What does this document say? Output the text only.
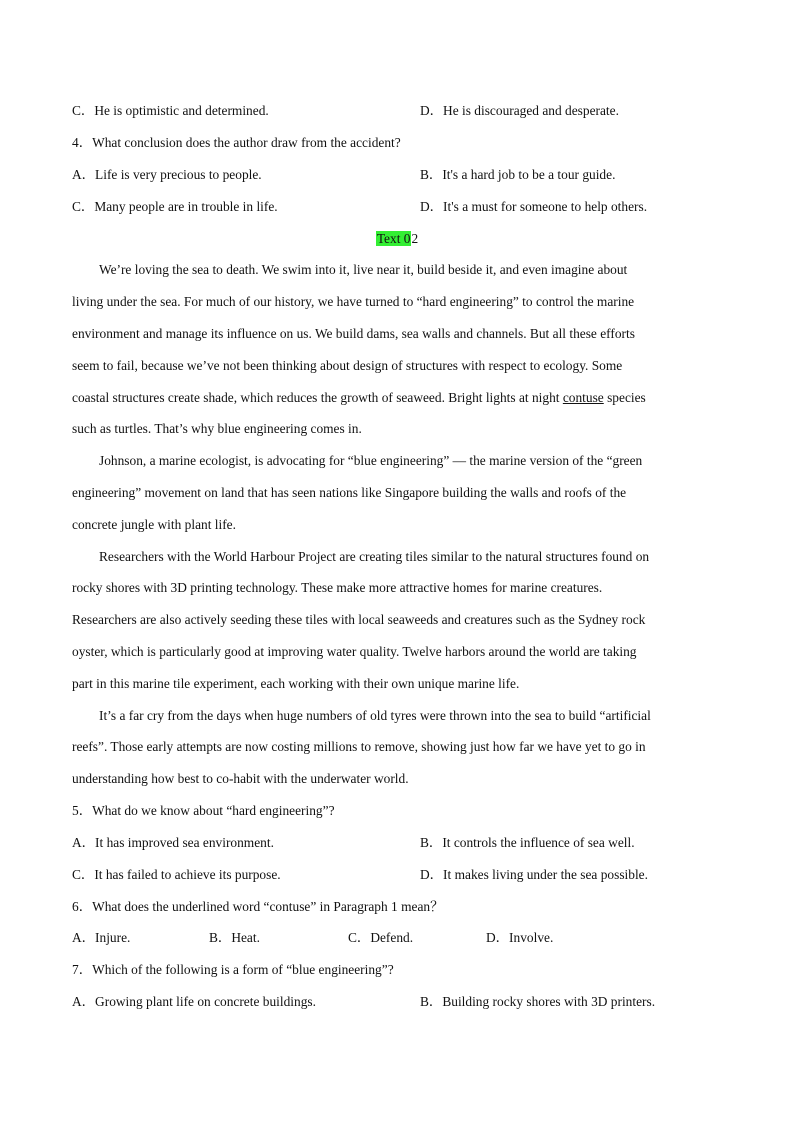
C．He is optimistic and determined.	D．He is discouraged and desperate.
4．What conclusion does the author draw from the accident?
A．Life is very precious to people.	B．It's a hard job to be a tour guide.
C．Many people are in trouble in life.	D．It's a must for someone to help others.
Text 02
We’re loving the sea to death. We swim into it, live near it, build beside it, and even imagine about
living under the sea. For much of our history, we have turned to “hard engineering” to control the marine
environment and manage its influence on us. We build dams, sea walls and channels. But all these efforts
seem to fail, because we’ve not been thinking about design of structures with respect to ecology. Some
coastal structures create shade, which reduces the growth of seaweed. Bright lights at night contuse species
such as turtles. That’s why blue engineering comes in.
Johnson, a marine ecologist, is advocating for “blue engineering” — the marine version of the “green
engineering” movement on land that has seen nations like Singapore building the walls and roofs of the
concrete jungle with plant life.
Researchers with the World Harbour Project are creating tiles similar to the natural structures found on
rocky shores with 3D printing technology. These make more attractive homes for marine creatures.
Researchers are also actively seeding these tiles with local seaweeds and creatures such as the Sydney rock
oyster, which is particularly good at improving water quality. Twelve harbors around the world are taking
part in this marine tile experiment, each working with their own unique marine life.
It’s a far cry from the days when huge numbers of old tyres were thrown into the sea to build “artificial
reefs”. Those early attempts are now costing millions to remove, showing just how far we have yet to go in
understanding how best to co-habit with the underwater world.
5．What do we know about “hard engineering”?
A．It has improved sea environment.	B．It controls the influence of sea well.
C．It has failed to achieve its purpose.	D．It makes living under the sea possible.
6．What does the underlined word “contuse” in Paragraph 1 mean？
A．Injure.	B．Heat.	C．Defend.	D．Involve.
7．Which of the following is a form of “blue engineering”?
A．Growing plant life on concrete buildings.	B．Building rocky shores with 3D printers.
